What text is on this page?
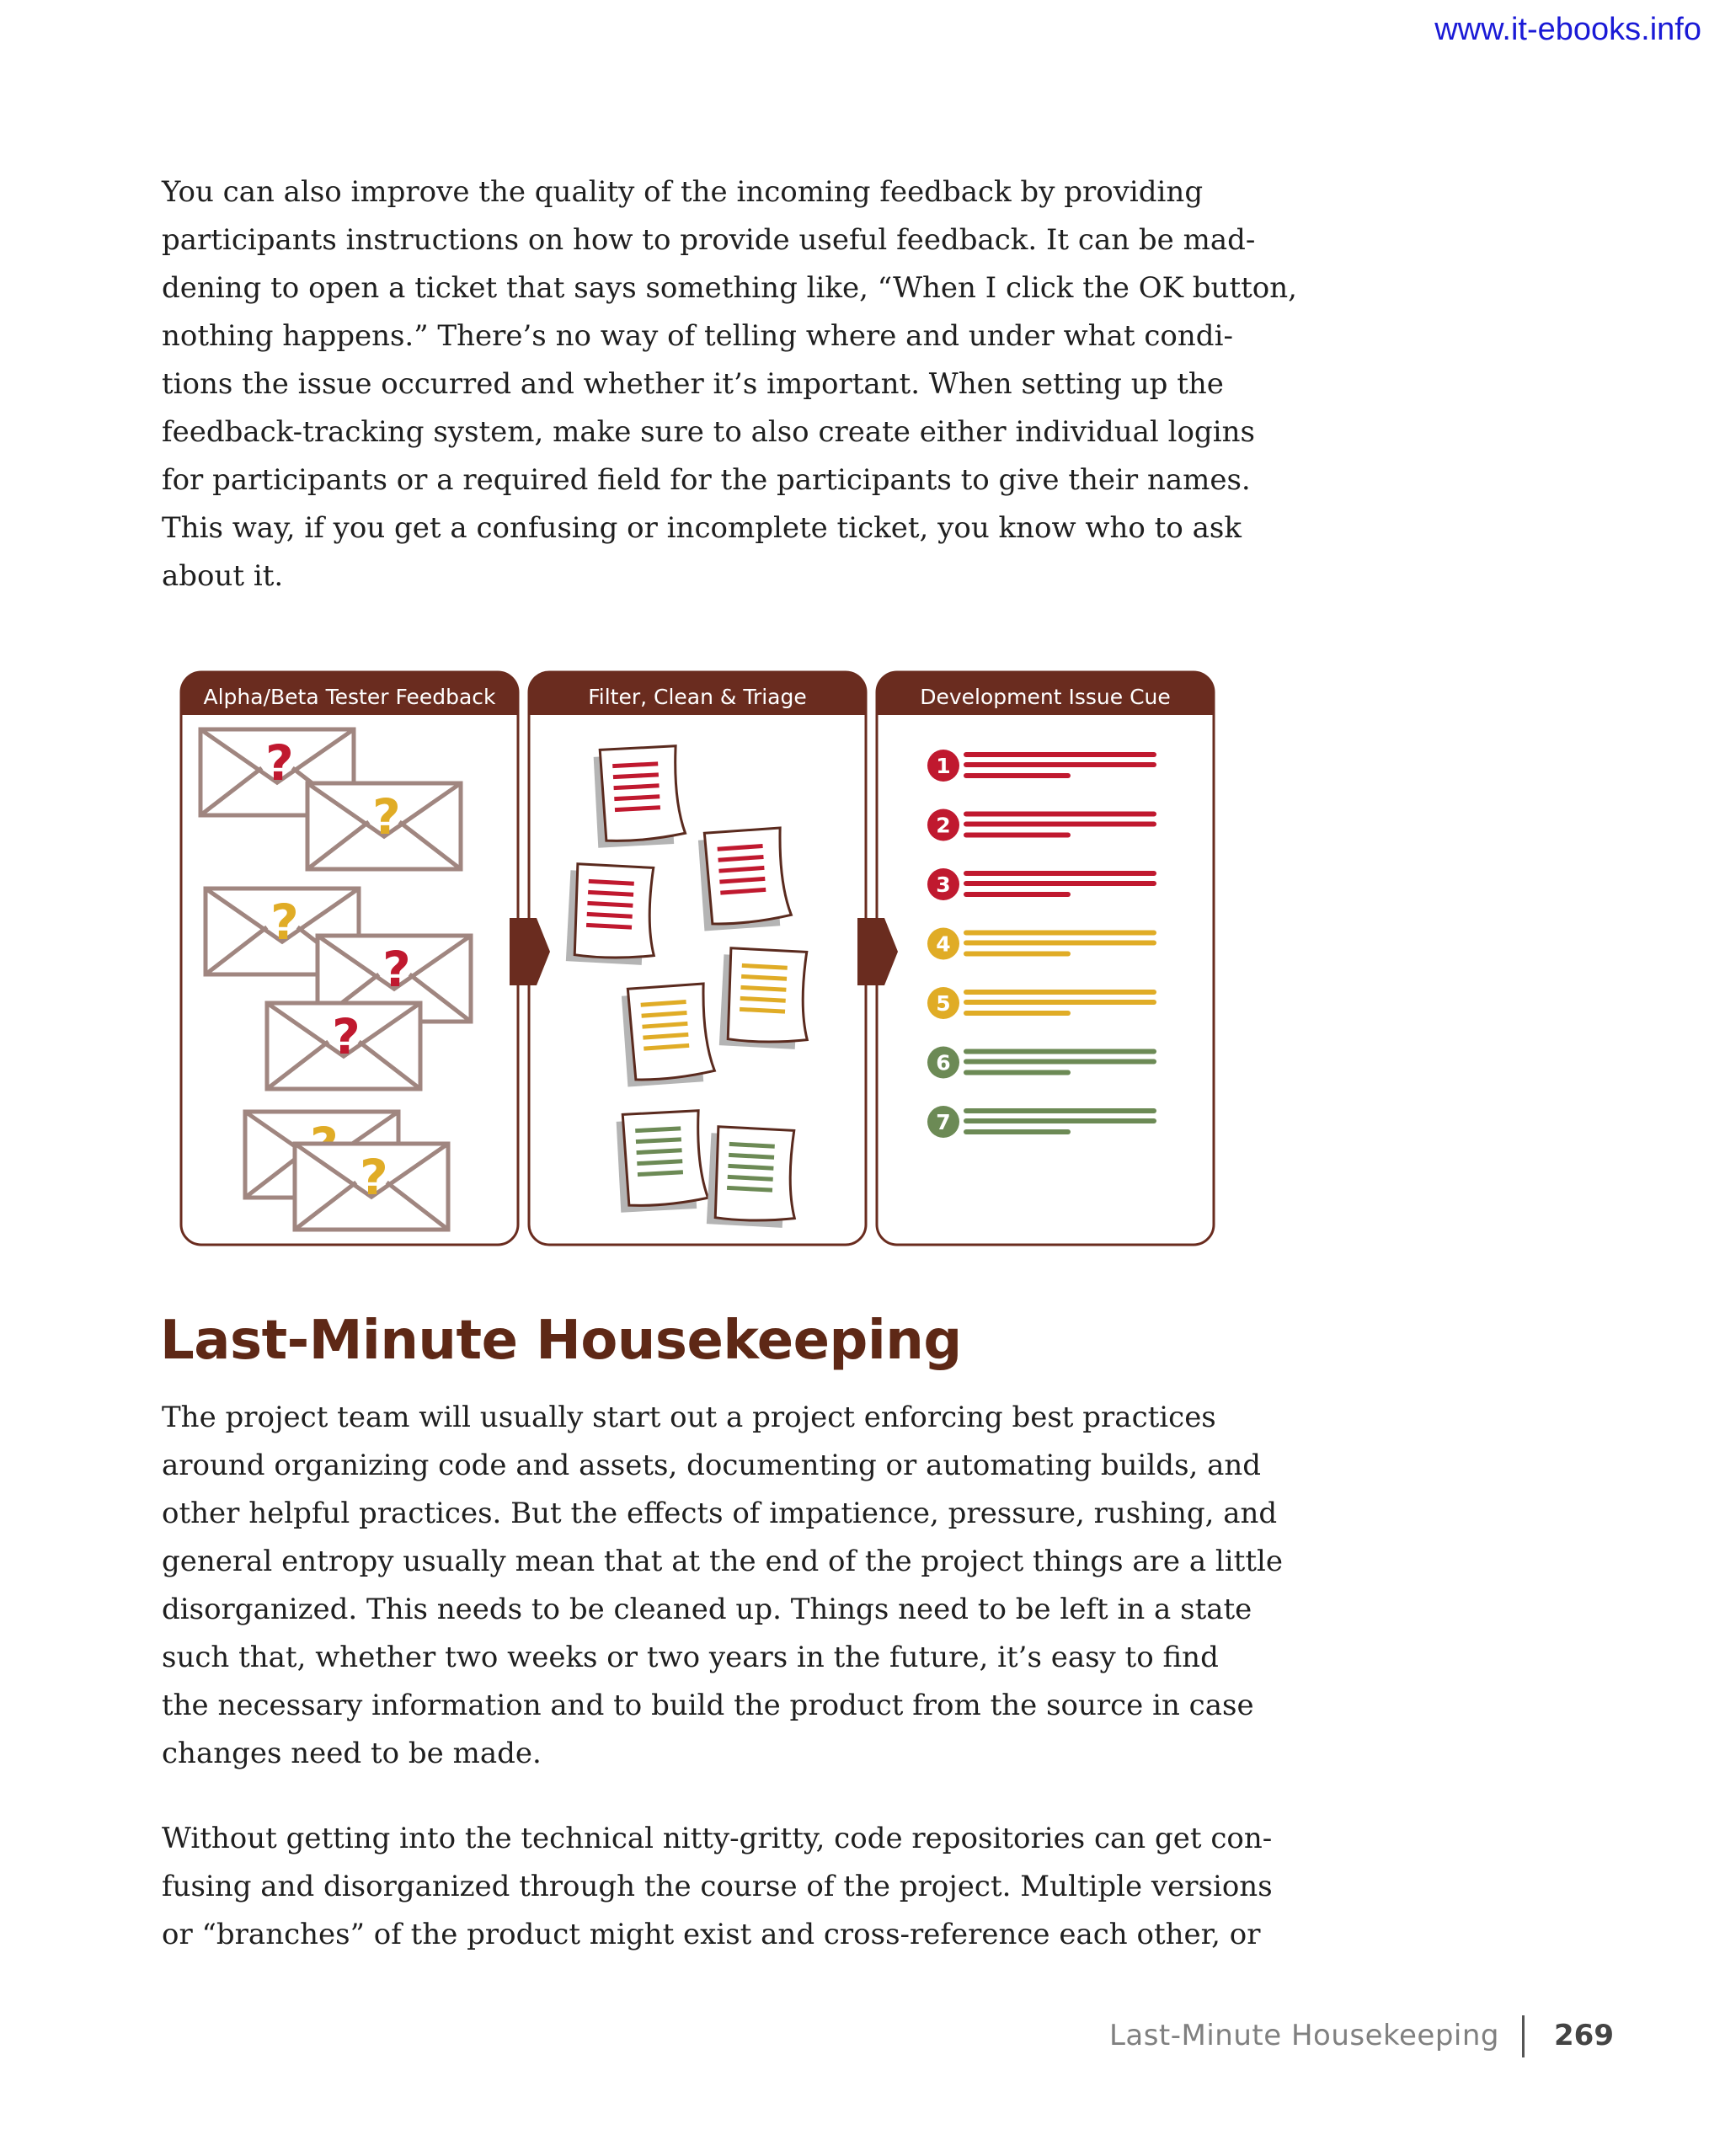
www.it-ebooks.info

You can also improve the quality of the incoming feedback by providing
participants instructions on how to provide useful feedback. It can be mad-
dening to open a ticket that says something like, “When I click the OK button,
nothing happens.” There’s no way of telling where and under what condi-
tions the issue occurred and whether it’s important. When setting up the
feedback-tracking system, make sure to also create either individual logins
for participants or a required field for the participants to give their names.
This way, if you get a confusing or incomplete ticket, you know who to ask
about it.

Alpha/Beta Tester Feedback	Filter, Clean & Triage	Development Issue Cue
?
?
?
?
?
?
1
2
3
4
5
6
7
Last-Minute Housekeeping

The project team will usually start out a project enforcing best practices
around organizing code and assets, documenting or automating builds, and
other helpful practices. But the effects of impatience, pressure, rushing, and
general entropy usually mean that at the end of the project things are a little
disorganized. This needs to be cleaned up. Things need to be left in a state
such that, whether two weeks or two years in the future, it’s easy to find
the necessary information and to build the product from the source in case
changes need to be made.

Without getting into the technical nitty-gritty, code repositories can get con-
fusing and disorganized through the course of the project. Multiple versions
or “branches” of the product might exist and cross-reference each other, or

Last-Minute Housekeeping 269
